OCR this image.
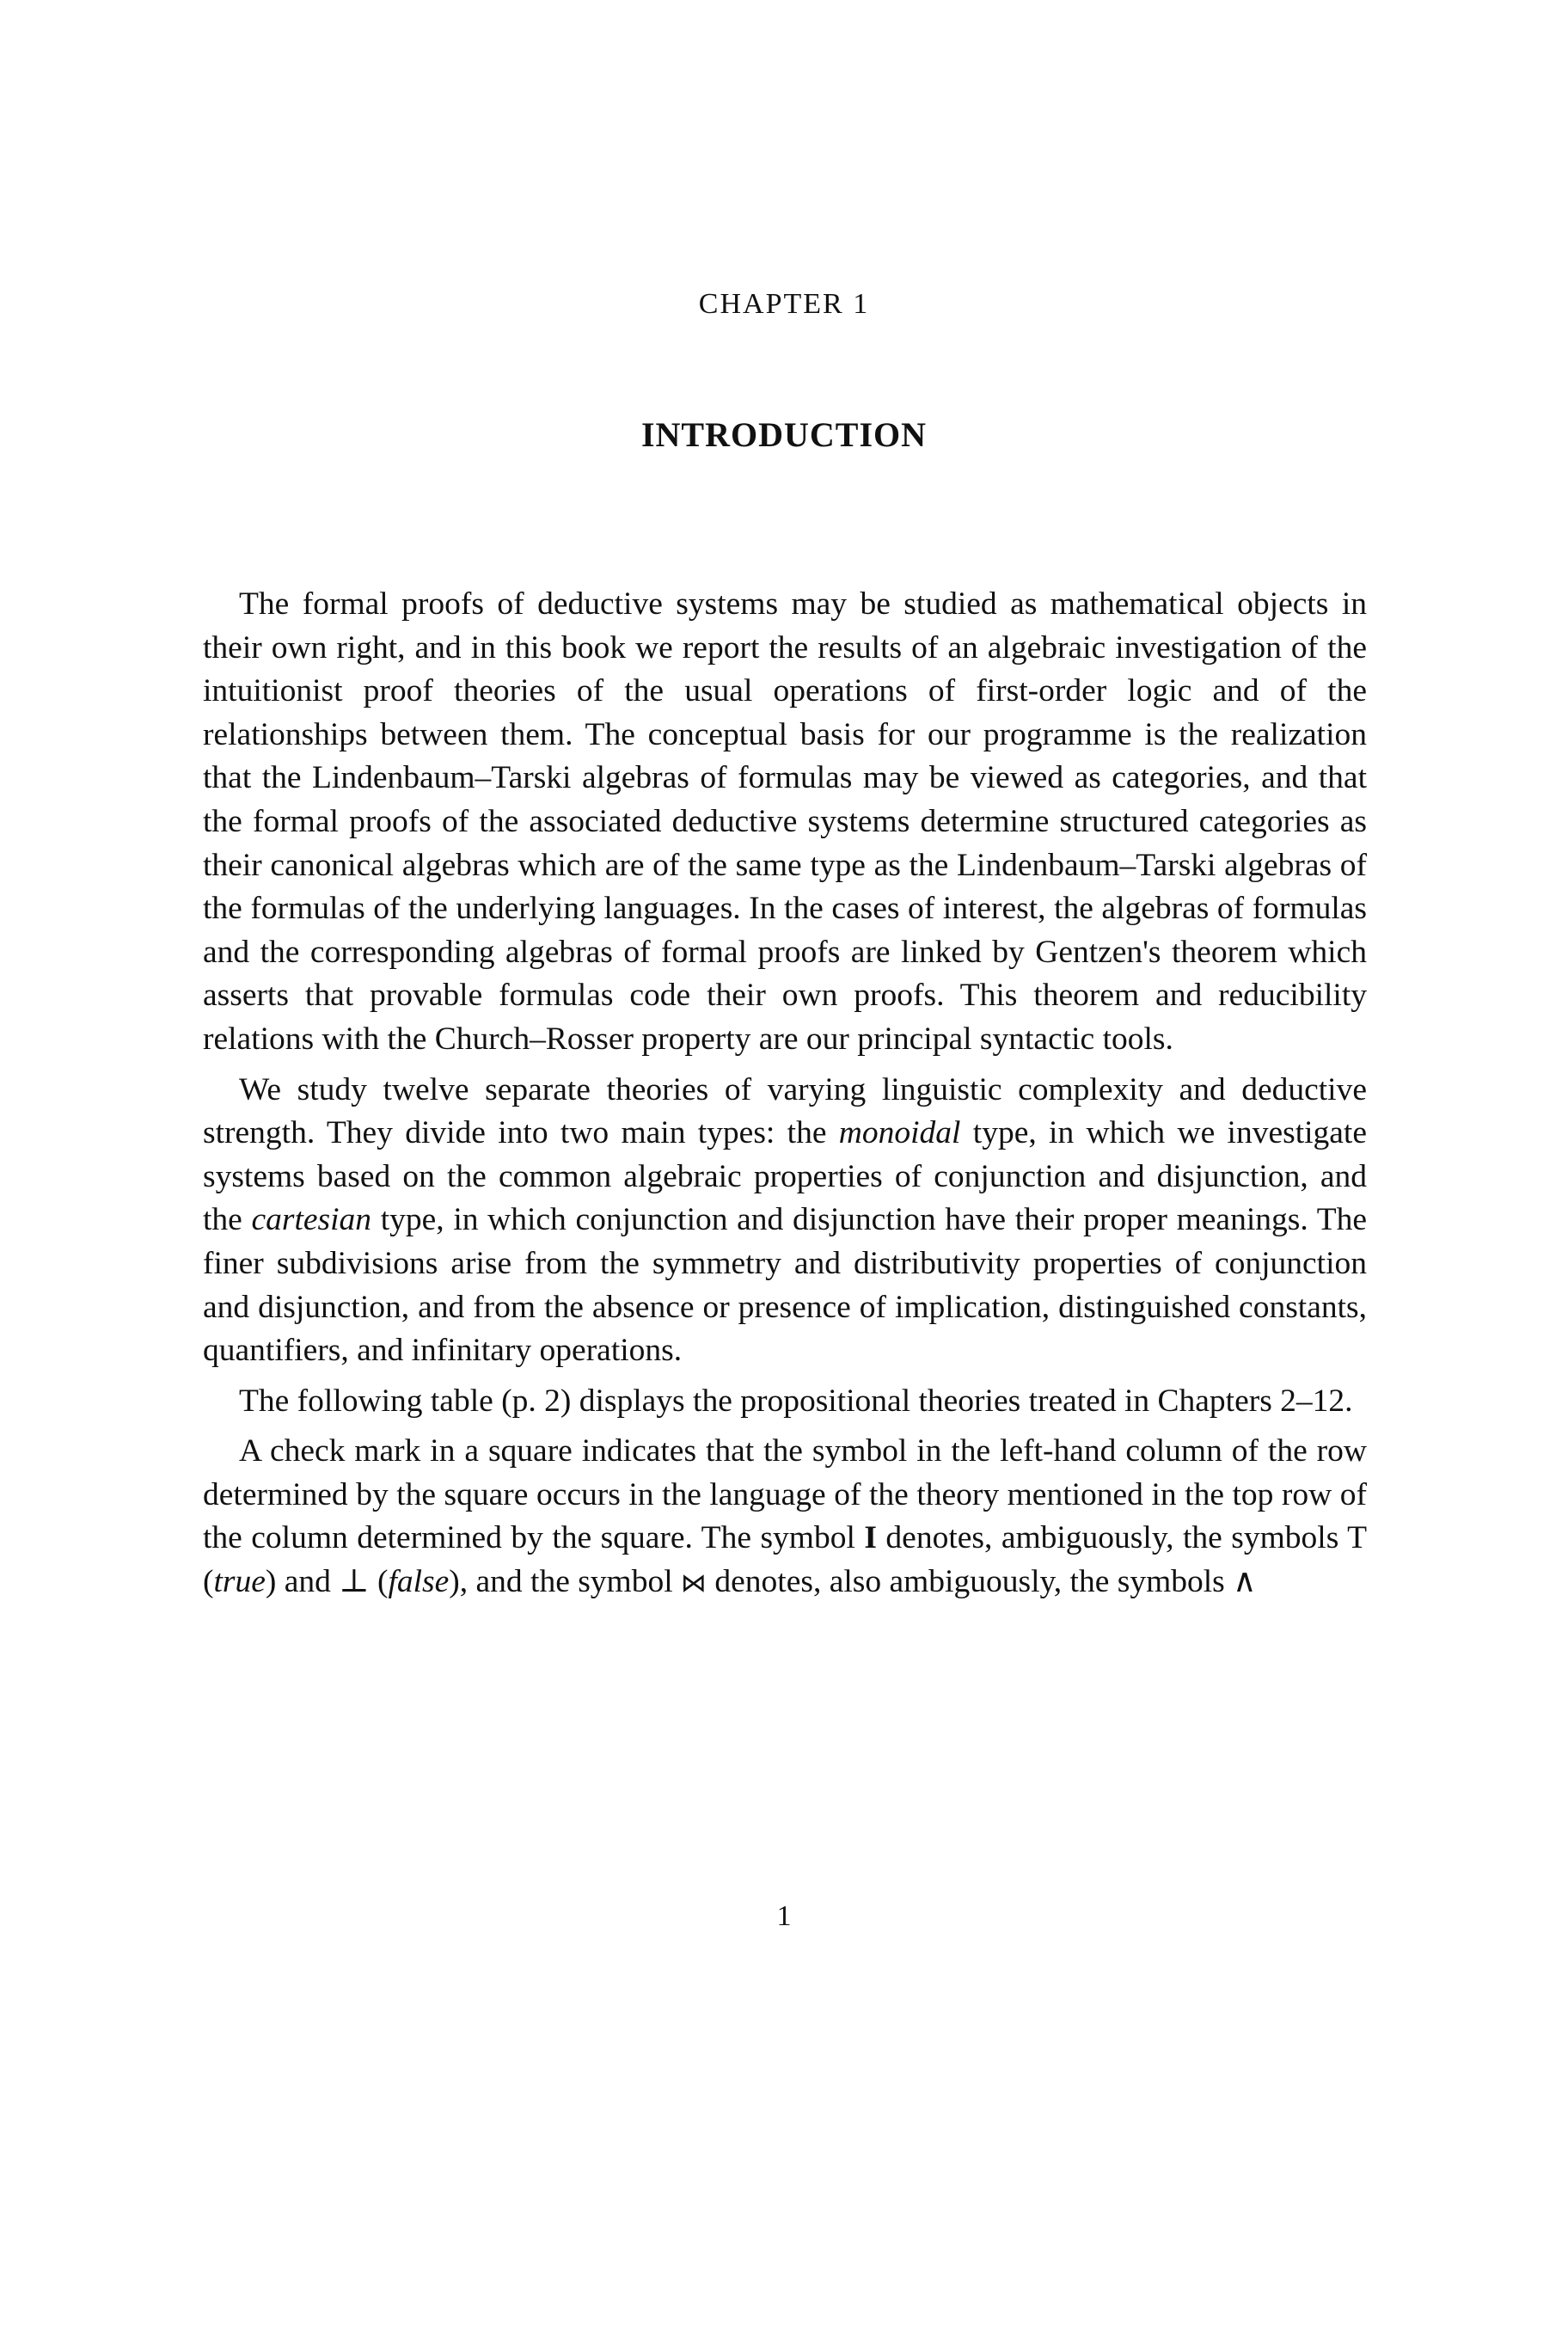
CHAPTER 1
INTRODUCTION

The formal proofs of deductive systems may be studied as mathematical objects in their own right, and in this book we report the results of an algebraic investigation of the intuitionist proof theories of the usual operations of first-order logic and of the relationships between them. The conceptual basis for our programme is the realization that the Lindenbaum–Tarski algebras of formulas may be viewed as categories, and that the formal proofs of the associated deductive systems determine structured categories as their canonical algebras which are of the same type as the Lindenbaum–Tarski algebras of the formulas of the underlying languages. In the cases of interest, the algebras of formulas and the corresponding algebras of formal proofs are linked by Gentzen's theorem which asserts that provable formulas code their own proofs. This theorem and reducibility relations with the Church–Rosser property are our principal syntactic tools.

We study twelve separate theories of varying linguistic complexity and deductive strength. They divide into two main types: the monoidal type, in which we investigate systems based on the common algebraic properties of conjunction and disjunction, and the cartesian type, in which conjunction and disjunction have their proper meanings. The finer subdivisions arise from the symmetry and distributivity properties of conjunction and disjunction, and from the absence or presence of implication, distinguished constants, quantifiers, and infinitary operations.

The following table (p. 2) displays the propositional theories treated in Chapters 2–12.

A check mark in a square indicates that the symbol in the left-hand column of the row determined by the square occurs in the language of the theory mentioned in the top row of the column determined by the square. The symbol I denotes, ambiguously, the symbols T (true) and ⊥ (false), and the symbol ⋈ denotes, also ambiguously, the symbols ∧

1
